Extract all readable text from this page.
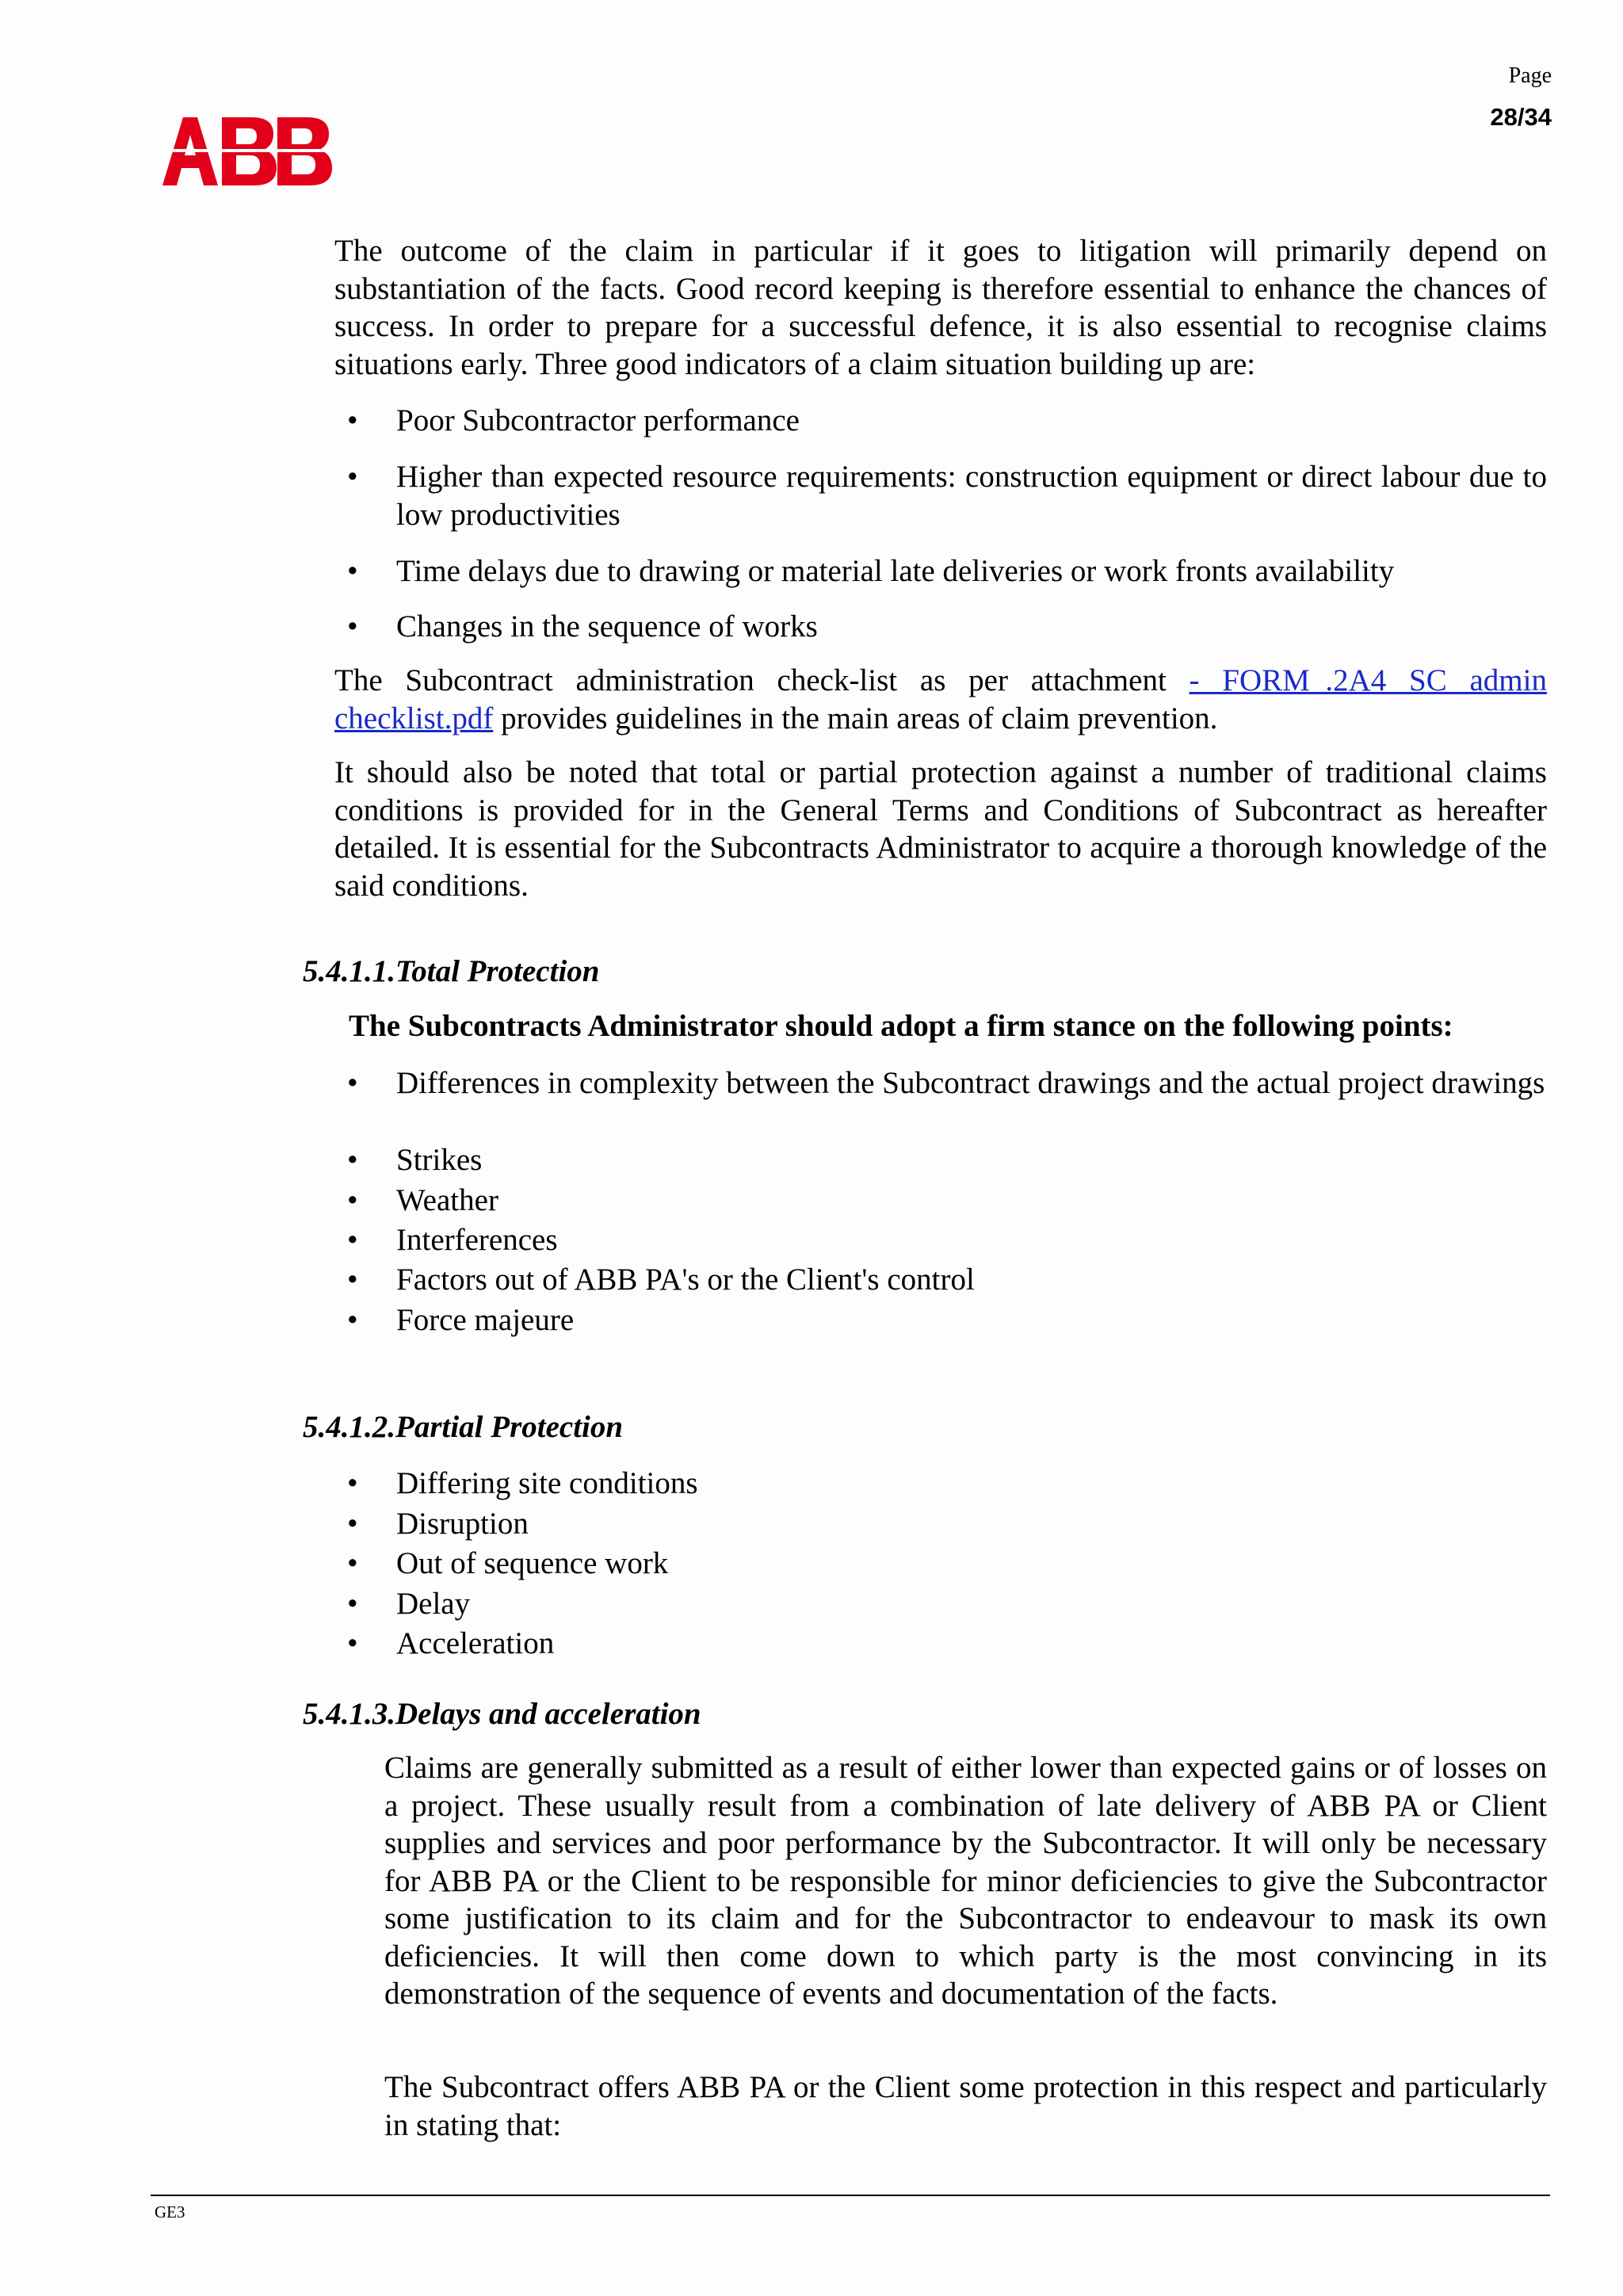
Page
28/34

The outcome of the claim in particular if it goes to litigation will primarily depend on substantiation of the facts. Good record keeping is therefore essential to enhance the chances of success. In order to prepare for a successful defence, it is also essential to recognise claims situations early. Three good indicators of a claim situation building up are:

•	Poor Subcontractor performance
•	Higher than expected resource requirements: construction equipment or direct labour due to low productivities
•	Time delays due to drawing or material late deliveries or work fronts availability
•	Changes in the sequence of works

The Subcontract administration check-list as per attachment - FORM_.2A4 SC admin checklist.pdf provides guidelines in the main areas of claim prevention.

It should also be noted that total or partial protection against a number of traditional claims conditions is provided for in the General Terms and Conditions of Subcontract as hereafter detailed. It is essential for the Subcontracts Administrator to acquire a thorough knowledge of the said conditions.

5.4.1.1.Total Protection
The Subcontracts Administrator should adopt a firm stance on the following points:
•	Differences in complexity between the Subcontract drawings and the actual project drawings
•	Strikes
•	Weather
•	Interferences
•	Factors out of ABB PA's or the Client's control
•	Force majeure
5.4.1.2.Partial Protection
•	Differing site conditions
•	Disruption
•	Out of sequence work
•	Delay
•	Acceleration
5.4.1.3.Delays and acceleration

Claims are generally submitted as a result of either lower than expected gains or of losses on a project. These usually result from a combination of late delivery of ABB PA or Client supplies and services and poor performance by the Subcontractor. It will only be necessary for ABB PA or the Client to be responsible for minor deficiencies to give the Subcontractor some justification to its claim and for the Subcontractor to endeavour to mask its own deficiencies. It will then come down to which party is the most convincing in its demonstration of the sequence of events and documentation of the facts.

The Subcontract offers ABB PA or the Client some protection in this respect and particularly in stating that:

GE3
